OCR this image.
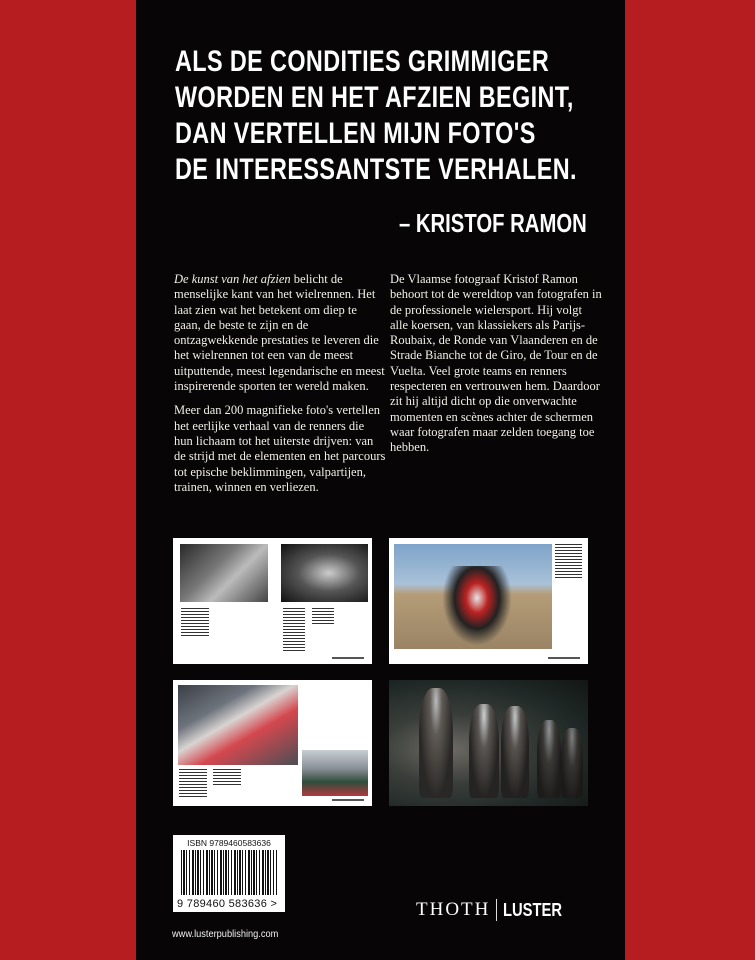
ALS DE CONDITIES GRIMMIGER
WORDEN EN HET AFZIEN BEGINT,
DAN VERTELLEN MIJN FOTO'S
DE INTERESSANTSTE VERHALEN.
– KRISTOF RAMON

De kunst van het afzien belicht de menselijke kant van het wielrennen. Het laat zien wat het betekent om diep te gaan, de beste te zijn en de ontzagwekkende prestaties te leveren die het wielrennen tot een van de meest uitputtende, meest legendarische en meest inspirerende sporten ter wereld maken.

Meer dan 200 magnifieke foto's vertellen het eerlijke verhaal van de renners die hun lichaam tot het uiterste drijven: van de strijd met de elementen en het parcours tot epische beklimmingen, valpartijen, trainen, winnen en verliezen.

De Vlaamse fotograaf Kristof Ramon behoort tot de wereldtop van fotografen in de professionele wielersport. Hij volgt alle koersen, van klassiekers als Parijs-Roubaix, de Ronde van Vlaanderen en de Strade Bianche tot de Giro, de Tour en de Vuelta. Veel grote teams en renners respecteren en vertrouwen hem. Daardoor zit hij altijd dicht op die onverwachte momenten en scènes achter de schermen waar fotografen maar zelden toegang toe hebben.

ISBN 9789460583636
9 789460 583636 >
www.lusterpublishing.com
THOTH LUSTER
